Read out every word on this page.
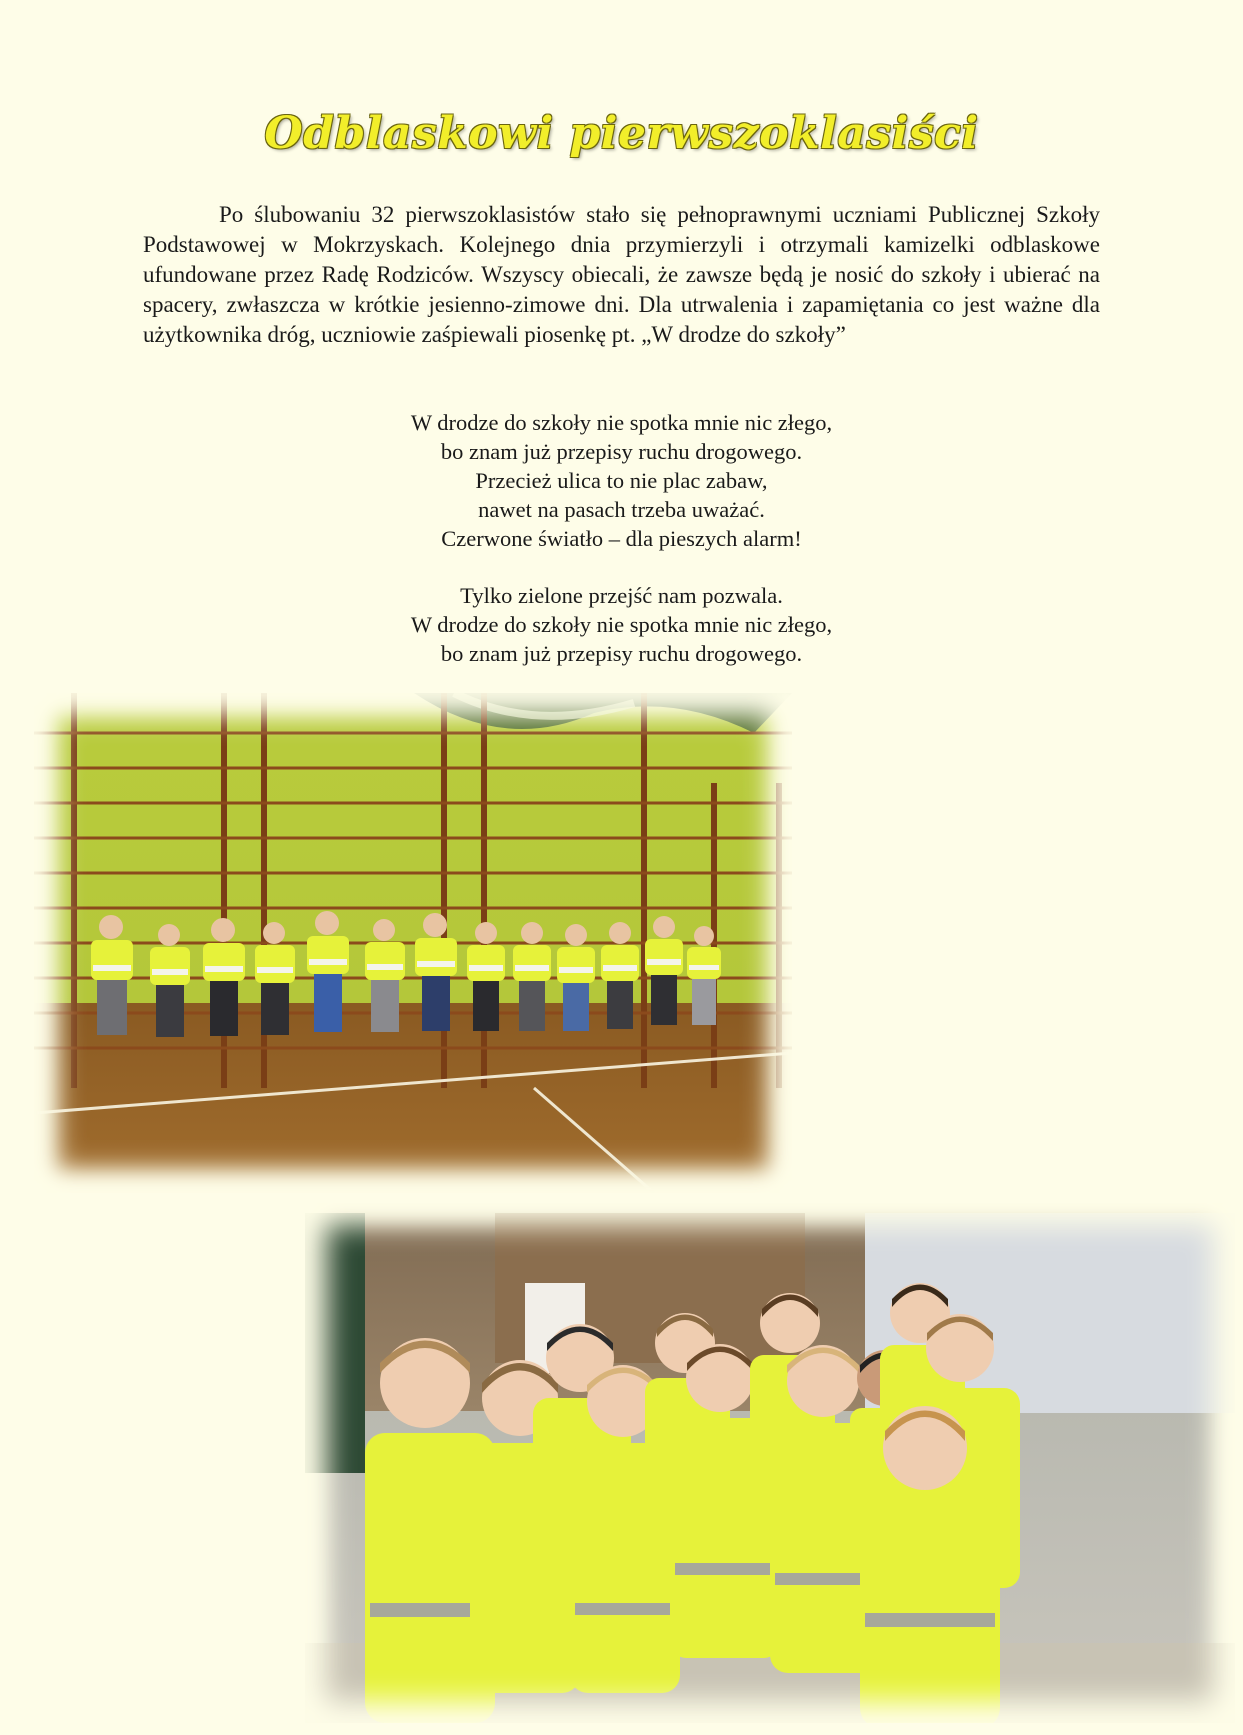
Odblaskowi pierwszoklasiści

Po ślubowaniu 32 pierwszoklasistów stało się pełnoprawnymi uczniami Publicznej Szkoły Podstawowej w Mokrzyskach. Kolejnego dnia przymierzyli i otrzymali kamizelki odblaskowe ufundowane przez Radę Rodziców. Wszyscy obiecali, że zawsze będą je nosić do szkoły i ubierać na spacery, zwłaszcza w krótkie jesienno-zimowe dni. Dla utrwalenia i zapamiętania co jest ważne dla użytkownika dróg, uczniowie zaśpiewali piosenkę pt. „W drodze do szkoły”

W drodze do szkoły nie spotka mnie nic złego,
bo znam już przepisy ruchu drogowego.
Przecież ulica to nie plac zabaw,
nawet na pasach trzeba uważać.
Czerwone światło – dla pieszych alarm!
Tylko zielone przejść nam pozwala.
W drodze do szkoły nie spotka mnie nic złego,
bo znam już przepisy ruchu drogowego.
